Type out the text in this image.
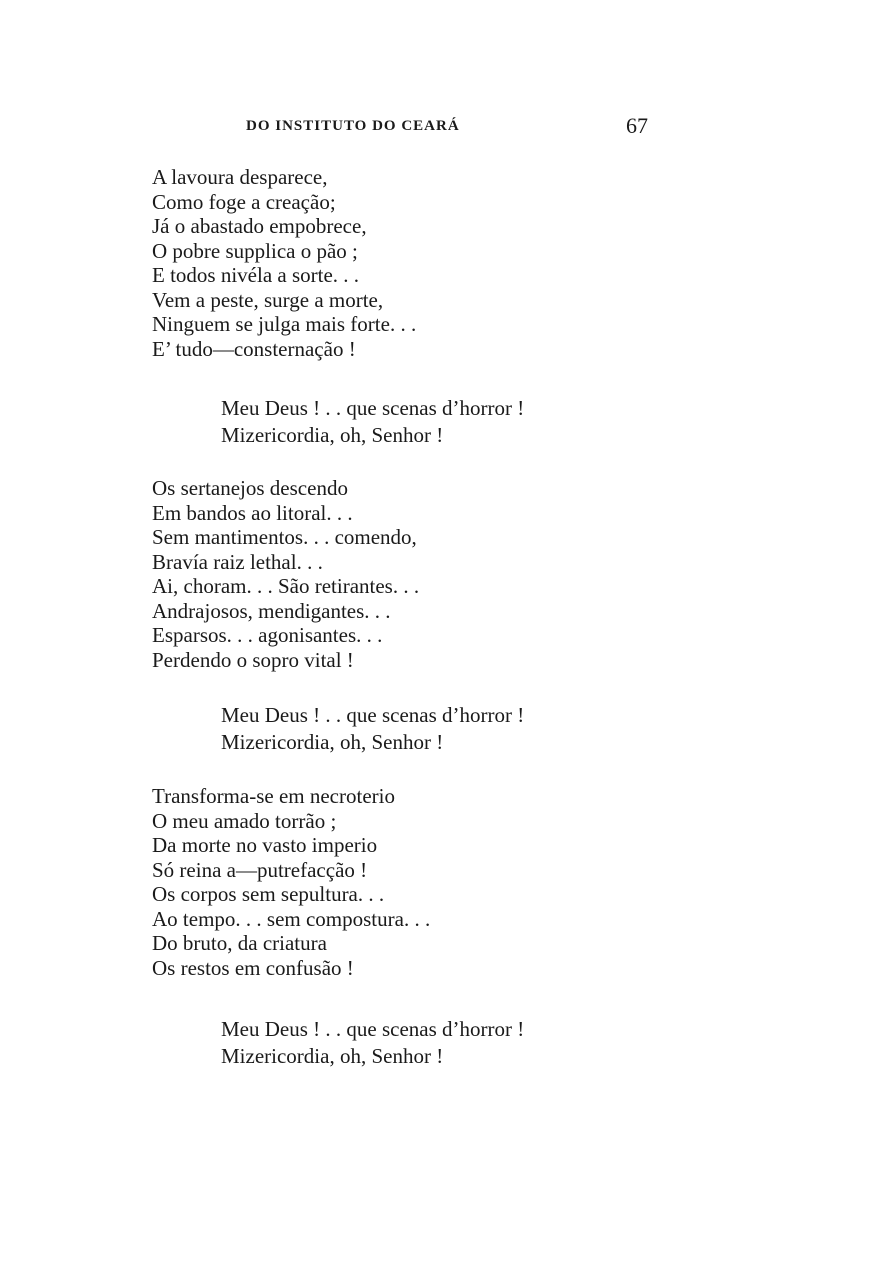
DO INSTITUTO DO CEARÁ	67
A lavoura desparece,
Como foge a creação;
Já o abastado empobrece,
O pobre supplica o pão ;
E todos nivéla a sorte. . .
Vem a peste, surge a morte,
Ninguem se julga mais forte. . .
E’ tudo—consternação !
Meu Deus ! . . que scenas d’horror !
Mizericordia, oh, Senhor !
Os sertanejos descendo
Em bandos ao litoral. . .
Sem mantimentos. . . comendo,
Bravía raiz lethal. . .
Ai, choram. . . São retirantes. . .
Andrajosos, mendigantes. . .
Esparsos. . . agonisantes. . .
Perdendo o sopro vital !
Meu Deus ! . . que scenas d’horror !
Mizericordia, oh, Senhor !
Transforma-se em necroterio
O meu amado torrão ;
Da morte no vasto imperio
Só reina a—putrefacção !
Os corpos sem sepultura. . .
Ao tempo. . . sem compostura. . .
Do bruto, da criatura
Os restos em confusão !
Meu Deus ! . . que scenas d’horror !
Mizericordia, oh, Senhor !
